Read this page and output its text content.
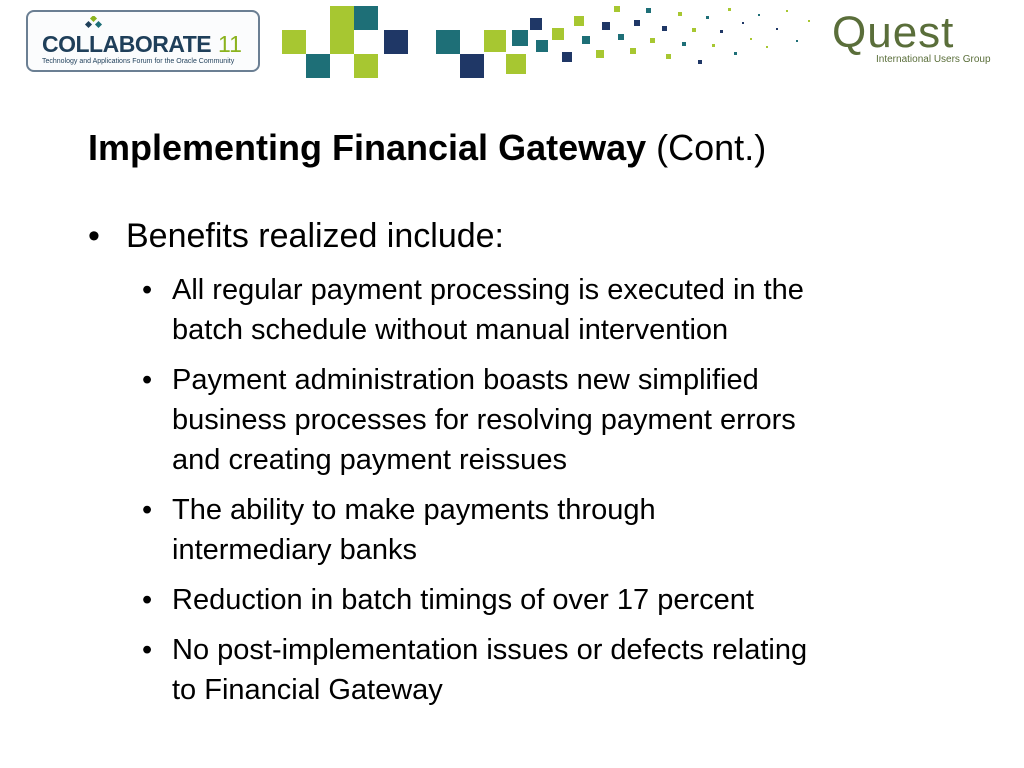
COLLABORATE 11
Technology and Applications Forum for the Oracle Community
Quest
International Users Group
Implementing Financial Gateway (Cont.)
• Benefits realized include:
• All regular payment processing is executed in the
batch schedule without manual intervention
• Payment administration boasts new simplified
business processes for resolving payment errors
and creating payment reissues
• The ability to make payments through
intermediary banks
• Reduction in batch timings of over 17 percent
• No post-implementation issues or defects relating
to Financial Gateway
